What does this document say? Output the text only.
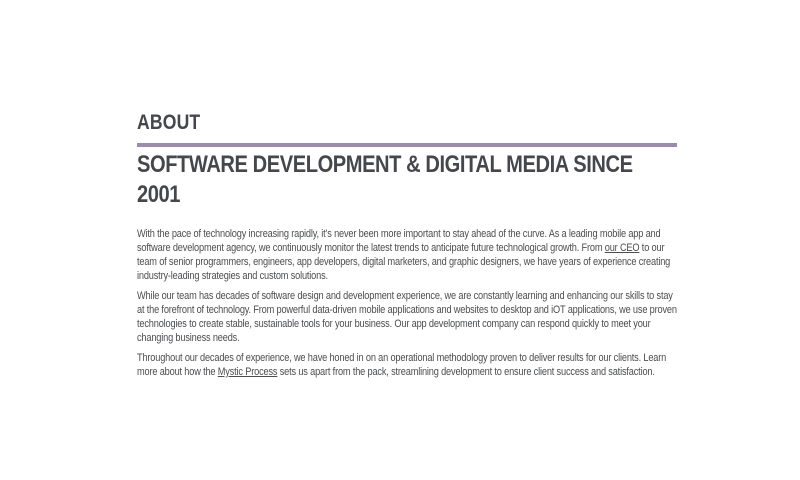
ABOUT
SOFTWARE DEVELOPMENT & DIGITAL MEDIA SINCE 2001

With the pace of technology increasing rapidly, it’s never been more important to stay ahead of the curve. As a leading mobile app and software development agency, we continuously monitor the latest trends to anticipate future technological growth. From our CEO to our team of senior programmers, engineers, app developers, digital marketers, and graphic designers, we have years of experience creating industry-leading strategies and custom solutions.

While our team has decades of software design and development experience, we are constantly learning and enhancing our skills to stay at the forefront of technology. From powerful data-driven mobile applications and websites to desktop and iOT applications, we use proven technologies to create stable, sustainable tools for your business. Our app development company can respond quickly to meet your changing business needs.

Throughout our decades of experience, we have honed in on an operational methodology proven to deliver results for our clients. Learn more about how the Mystic Process sets us apart from the pack, streamlining development to ensure client success and satisfaction.
